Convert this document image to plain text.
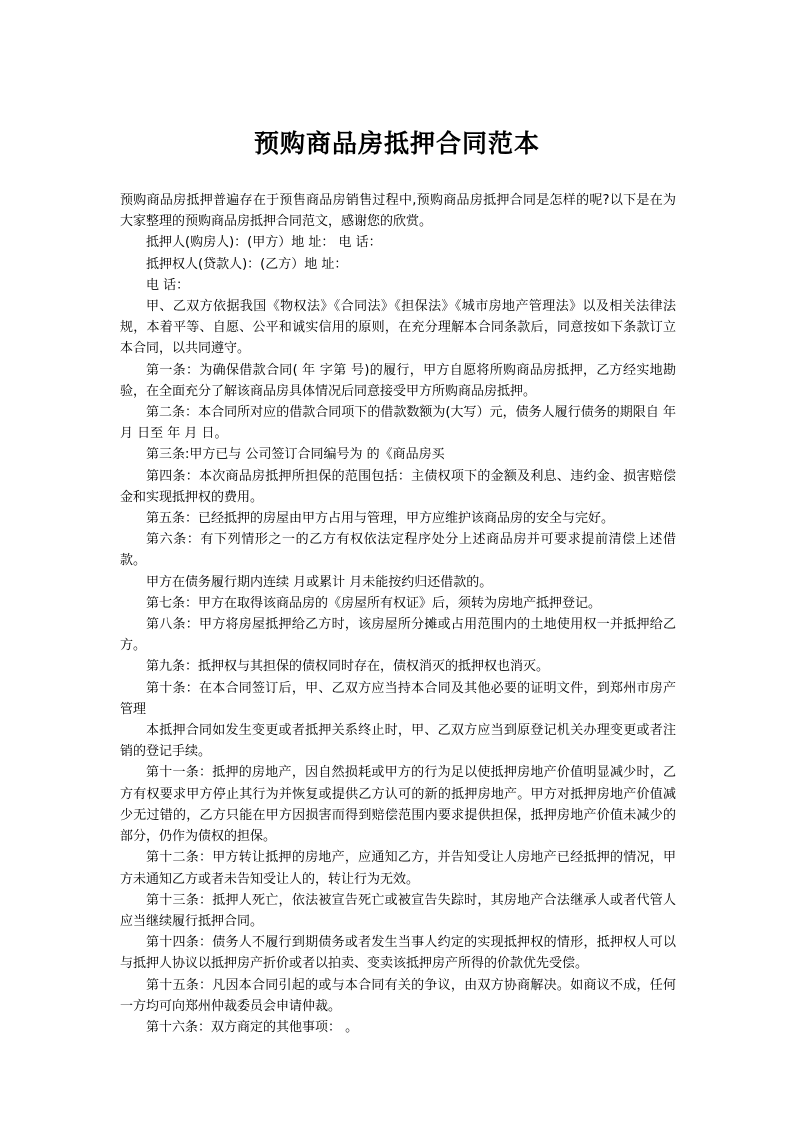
预购商品房抵押合同范本

预购商品房抵押普遍存在于预售商品房销售过程中,预购商品房抵押合同是怎样的呢?以下是在为大家整理的预购商品房抵押合同范文，感谢您的欣赏。

抵押人(购房人)：(甲方）地 址： 电 话：

抵押权人(贷款人)：(乙方）地 址：

电 话：

甲、乙双方依据我国《物权法》《合同法》《担保法》《城市房地产管理法》以及相关法律法规，本着平等、自愿、公平和诚实信用的原则，在充分理解本合同条款后，同意按如下条款订立本合同，以共同遵守。

第一条：为确保借款合同( 年 字第 号)的履行，甲方自愿将所购商品房抵押，乙方经实地勘验，在全面充分了解该商品房具体情况后同意接受甲方所购商品房抵押。

第二条：本合同所对应的借款合同项下的借款数额为(大写）元，债务人履行债务的期限自 年 月 日至 年 月 日。

第三条:甲方已与 公司签订合同编号为 的《商品房买

第四条：本次商品房抵押所担保的范围包括：主债权项下的金额及利息、违约金、损害赔偿金和实现抵押权的费用。

第五条：已经抵押的房屋由甲方占用与管理，甲方应维护该商品房的安全与完好。

第六条：有下列情形之一的乙方有权依法定程序处分上述商品房并可要求提前清偿上述借款。

甲方在债务履行期内连续 月或累计 月未能按约归还借款的。

第七条：甲方在取得该商品房的《房屋所有权证》后，须转为房地产抵押登记。

第八条：甲方将房屋抵押给乙方时，该房屋所分摊或占用范围内的土地使用权一并抵押给乙方。

第九条：抵押权与其担保的债权同时存在，债权消灭的抵押权也消灭。

第十条：在本合同签订后，甲、乙双方应当持本合同及其他必要的证明文件，到郑州市房产管理

本抵押合同如发生变更或者抵押关系终止时，甲、乙双方应当到原登记机关办理变更或者注销的登记手续。

第十一条：抵押的房地产，因自然损耗或甲方的行为足以使抵押房地产价值明显减少时，乙方有权要求甲方停止其行为并恢复或提供乙方认可的新的抵押房地产。甲方对抵押房地产价值减少无过错的，乙方只能在甲方因损害而得到赔偿范围内要求提供担保，抵押房地产价值未减少的部分，仍作为债权的担保。

第十二条：甲方转让抵押的房地产，应通知乙方，并告知受让人房地产已经抵押的情况，甲方未通知乙方或者未告知受让人的，转让行为无效。

第十三条：抵押人死亡，依法被宣告死亡或被宣告失踪时，其房地产合法继承人或者代管人应当继续履行抵押合同。

第十四条：债务人不履行到期债务或者发生当事人约定的实现抵押权的情形，抵押权人可以与抵押人协议以抵押房产折价或者以拍卖、变卖该抵押房产所得的价款优先受偿。

第十五条：凡因本合同引起的或与本合同有关的争议，由双方协商解决。如商议不成，任何一方均可向郑州仲裁委员会申请仲裁。

第十六条：双方商定的其他事项： 。
